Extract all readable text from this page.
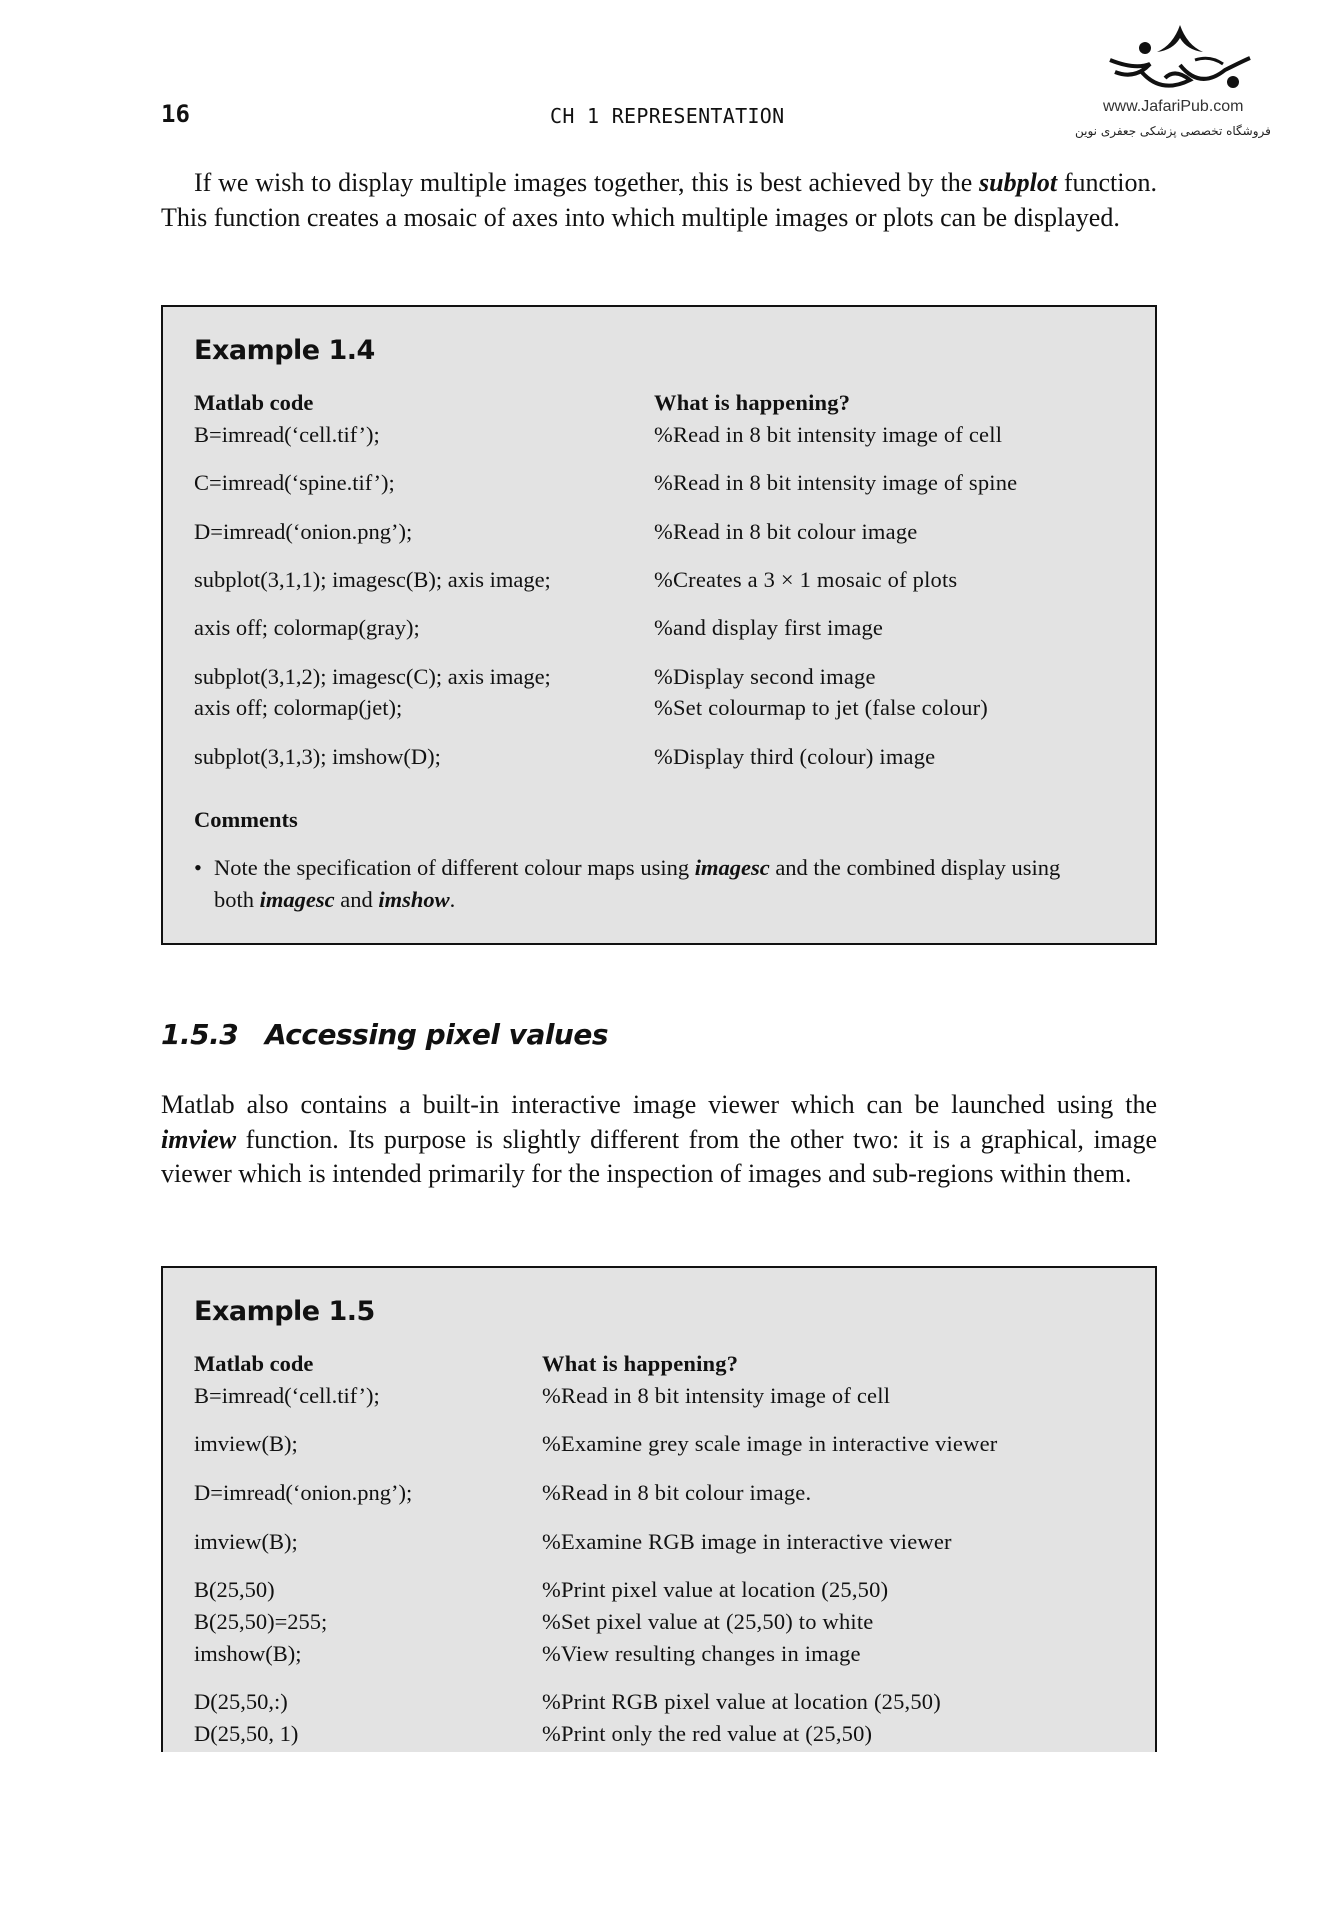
16	CH 1 REPRESENTATION	www.JafariPub.com
فروشگاه تخصصی پزشکی جعفری نوین

If we wish to display multiple images together, this is best achieved by the subplot function. This function creates a mosaic of axes into which multiple images or plots can be displayed.

Example 1.4
Matlab code	What is happening?
B=imread(‘cell.tif’);	%Read in 8 bit intensity image of cell
C=imread(‘spine.tif’);	%Read in 8 bit intensity image of spine
D=imread(‘onion.png’);	%Read in 8 bit colour image
subplot(3,1,1); imagesc(B); axis image;	%Creates a 3 × 1 mosaic of plots
axis off; colormap(gray);	%and display first image
subplot(3,1,2); imagesc(C); axis image;	%Display second image
axis off; colormap(jet);	%Set colourmap to jet (false colour)
subplot(3,1,3); imshow(D);	%Display third (colour) image
Comments
• Note the specification of different colour maps using imagesc and the combined display using both imagesc and imshow.
1.5.3 Accessing pixel values

Matlab also contains a built-in interactive image viewer which can be launched using the imview function. Its purpose is slightly different from the other two: it is a graphical, image viewer which is intended primarily for the inspection of images and sub-regions within them.

Example 1.5
Matlab code	What is happening?
B=imread(‘cell.tif’);	%Read in 8 bit intensity image of cell
imview(B);	%Examine grey scale image in interactive viewer
D=imread(‘onion.png’);	%Read in 8 bit colour image.
imview(B);	%Examine RGB image in interactive viewer
B(25,50)	%Print pixel value at location (25,50)
B(25,50)=255;	%Set pixel value at (25,50) to white
imshow(B);	%View resulting changes in image
D(25,50,:)	%Print RGB pixel value at location (25,50)
D(25,50, 1)	%Print only the red value at (25,50)
